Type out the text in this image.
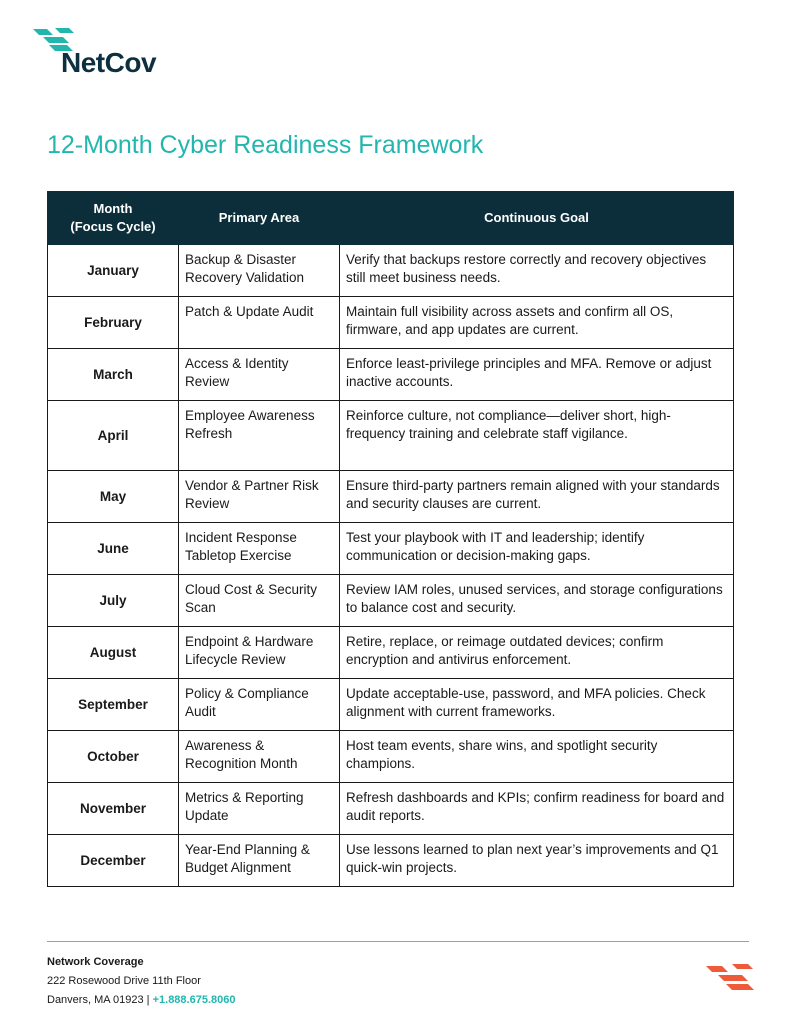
NetCov
12-Month Cyber Readiness Framework
Month
(Focus Cycle)	Primary Area	Continuous Goal
January	Backup & Disaster Recovery Validation	Verify that backups restore correctly and recovery objectives still meet business needs.
February	Patch & Update Audit	Maintain full visibility across assets and confirm all OS, firmware, and app updates are current.
March	Access & Identity Review	Enforce least-privilege principles and MFA. Remove or adjust inactive accounts.
April	Employee Awareness Refresh	Reinforce culture, not compliance—deliver short, high-frequency training and celebrate staff vigilance.
May	Vendor & Partner Risk Review	Ensure third-party partners remain aligned with your standards and security clauses are current.
June	Incident Response Tabletop Exercise	Test your playbook with IT and leadership; identify communication or decision-making gaps.
July	Cloud Cost & Security Scan	Review IAM roles, unused services, and storage configurations to balance cost and security.
August	Endpoint & Hardware Lifecycle Review	Retire, replace, or reimage outdated devices; confirm encryption and antivirus enforcement.
September	Policy & Compliance Audit	Update acceptable-use, password, and MFA policies. Check alignment with current frameworks.
October	Awareness & Recognition Month	Host team events, share wins, and spotlight security champions.
November	Metrics & Reporting Update	Refresh dashboards and KPIs; confirm readiness for board and audit reports.
December	Year-End Planning & Budget Alignment	Use lessons learned to plan next year’s improvements and Q1 quick-win projects.
Network Coverage
222 Rosewood Drive 11th Floor
Danvers, MA 01923 | +1.888.675.8060
